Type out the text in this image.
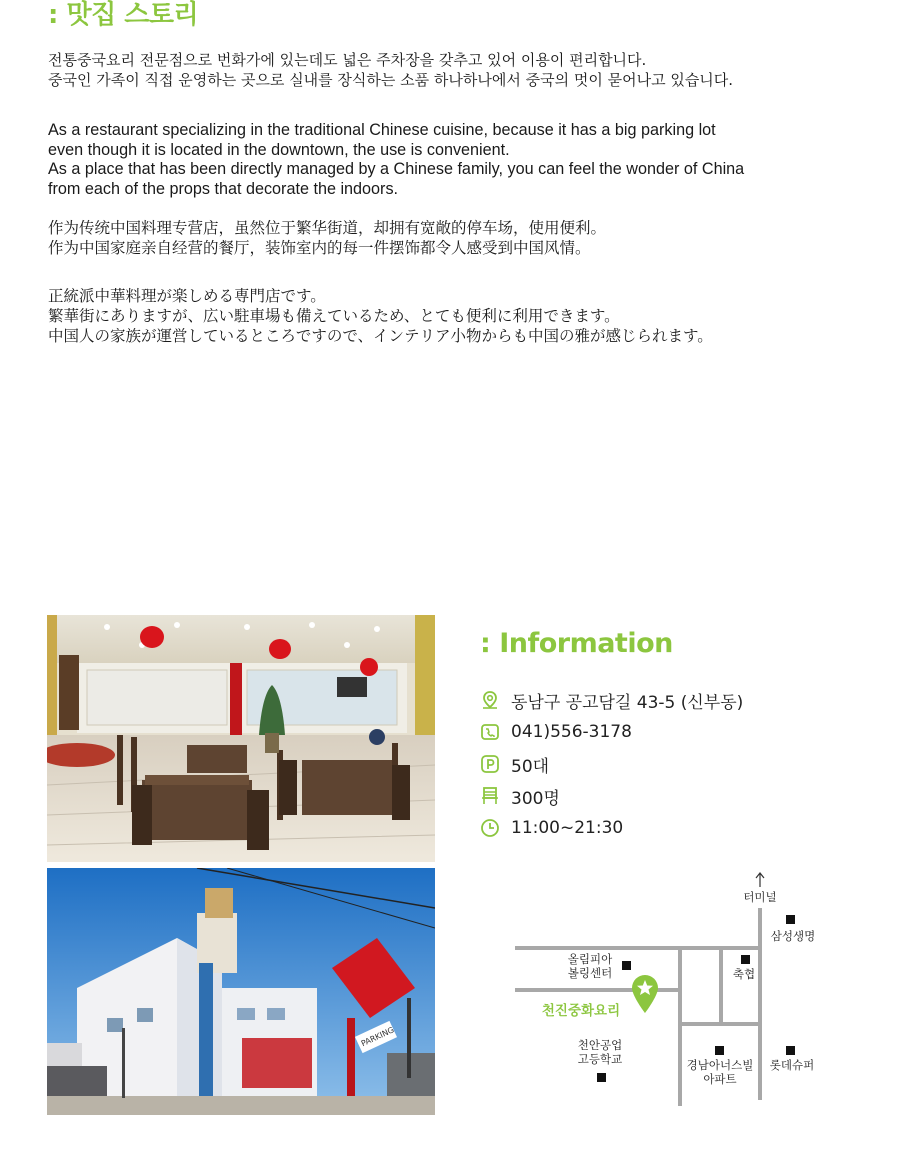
: 맛집 스토리

전통중국요리 전문점으로 번화가에 있는데도 넓은 주차장을 갖추고 있어 이용이 편리합니다.
중국인 가족이 직접 운영하는 곳으로 실내를 장식하는 소품 하나하나에서 중국의 멋이 묻어나고 있습니다.

As a restaurant specializing in the traditional Chinese cuisine, because it has a big parking lot
even though it is located in the downtown, the use is convenient.
As a place that has been directly managed by a Chinese family, you can feel the wonder of China
from each of the props that decorate the indoors.

作为传统中国料理专营店，虽然位于繁华街道，却拥有宽敞的停车场，使用便利。
作为中国家庭亲自经营的餐厅，装饰室内的每一件摆饰都令人感受到中国风情。

正統派中華料理が楽しめる専門店です。
繁華街にありますが、広い駐車場も備えているため、とても便利に利用できます。
中国人の家族が運営しているところですので、インテリア小物からも中国の雅が感じられます。

PARKING
: Information
동남구 공고담길 43-5 (신부동)
041)556-3178
50대
300명
11:00~21:30
터미널
삼성생명
올림피아
볼링센터	축협
천진중화요리
천안공업
고등학교	경남아너스빌
아파트
롯데슈퍼
